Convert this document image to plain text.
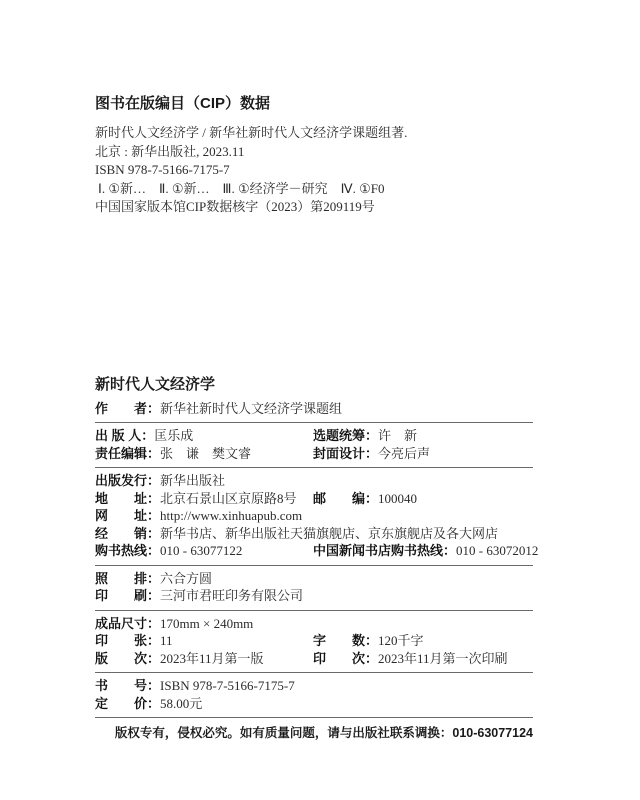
图书在版编目（CIP）数据
新时代人文经济学 / 新华社新时代人文经济学课题组著.
北京 : 新华出版社, 2023.11
ISBN 978-7-5166-7175-7
Ⅰ. ①新…　Ⅱ. ①新…　Ⅲ. ①经济学－研究　Ⅳ. ①F0
中国国家版本馆CIP数据核字（2023）第209119号
新时代人文经济学
作　　者：新华社新时代人文经济学课题组
出 版 人：匡乐成	选题统筹：许　新
责任编辑：张　谦　樊文睿	封面设计：今亮后声
出版发行：新华出版社
地　　址：北京石景山区京原路8号	邮　　编：100040
网　　址：http://www.xinhuapub.com
经　　销：新华书店、新华出版社天猫旗舰店、京东旗舰店及各大网店
购书热线：010 - 63077122	中国新闻书店购书热线：010 - 63072012
照　　排：六合方圆
印　　刷：三河市君旺印务有限公司
成品尺寸：170mm × 240mm
印　　张：11	字　　数：120千字
版　　次：2023年11月第一版	印　　次：2023年11月第一次印刷
书　　号：ISBN 978-7-5166-7175-7
定　　价：58.00元
版权专有，侵权必究。如有质量问题，请与出版社联系调换：010-63077124
